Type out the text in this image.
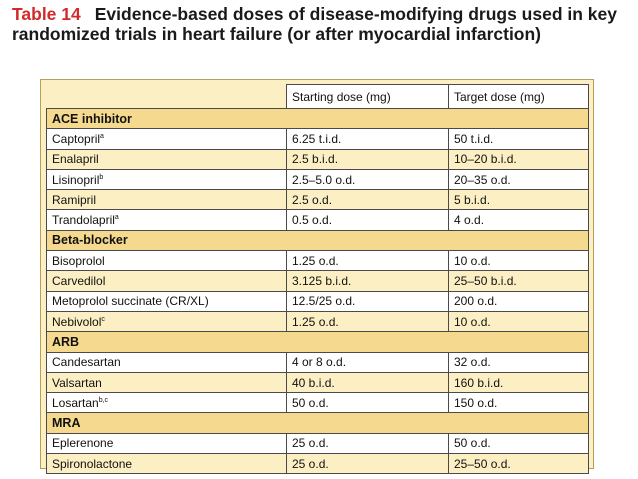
Table 14 Evidence-based doses of disease-modifying drugs used in key randomized trials in heart failure (or after myocardial infarction)
	Starting dose (mg)	Target dose (mg)
ACE inhibitor		
Captopril$^a$	6.25 t.i.d.	50 t.i.d.
Enalapril	2.5 b.i.d.	10–20 b.i.d.
Lisinopril$^b$	2.5–5.0 o.d.	20–35 o.d.
Ramipril	2.5 o.d.	5 b.i.d.
Trandolapril$^a$	0.5 o.d.	4 o.d.
Beta-blocker		
Bisoprolol	1.25 o.d.	10 o.d.
Carvedilol	3.125 b.i.d.	25–50 b.i.d.
Metoprolol succinate (CR/XL)	12.5/25 o.d.	200 o.d.
Nebivolol$^c$	1.25 o.d.	10 o.d.
ARB		
Candesartan	4 or 8 o.d.	32 o.d.
Valsartan	40 b.i.d.	160 b.i.d.
Losartan$^{b,c}$	50 o.d.	150 o.d.
MRA		
Eplerenone	25 o.d.	50 o.d.
Spironolactone	25 o.d.	25–50 o.d.
